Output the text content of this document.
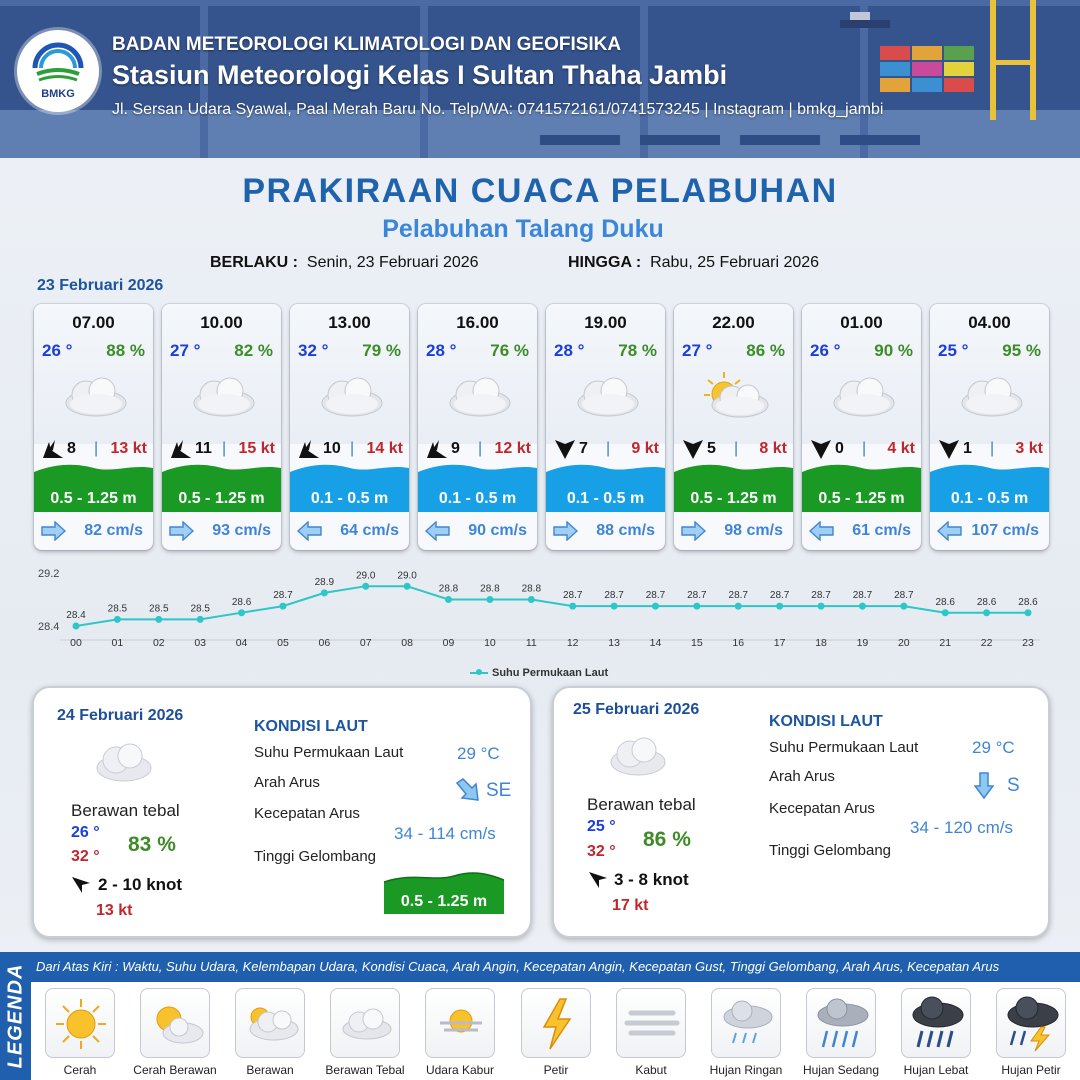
BMKG
BADAN METEOROLOGI KLIMATOLOGI DAN GEOFISIKA
Stasiun Meteorologi Kelas I Sultan Thaha Jambi
Jl. Sersan Udara Syawal, Paal Merah Baru No. Telp/WA: 0741572161/0741573245 | Instagram | bmkg_jambi
PRAKIRAAN CUACA PELABUHAN
Pelabuhan Talang Duku
BERLAKU : Senin, 23 Februari 2026	HINGGA : Rabu, 25 Februari 2026
23 Februari 2026
07.00
26 ° 88 %
8 | 13 kt
0.5 - 1.25 m
82 cm/s
10.00
27 ° 82 %
11 | 15 kt
0.5 - 1.25 m
93 cm/s
13.00
32 ° 79 %
10 | 14 kt
0.1 - 0.5 m
64 cm/s
16.00
28 ° 76 %
9 | 12 kt
0.1 - 0.5 m
90 cm/s
19.00
28 ° 78 %
7 | 9 kt
0.1 - 0.5 m
88 cm/s
22.00
27 ° 86 %
5 | 8 kt
0.5 - 1.25 m
98 cm/s
01.00
26 ° 90 %
0 | 4 kt
0.5 - 1.25 m
61 cm/s
04.00
25 ° 95 %
1 | 3 kt
0.1 - 0.5 m
107 cm/s
29.2
28.4
28.4
00
28.5
01
28.5
02
28.5
03
28.6
04
28.7
05
28.9
06
29.0
07
29.0
08
28.8
09
28.8
10
28.8
11
28.7
12
28.7
13
28.7
14
28.7
15
28.7
16
28.7
17
28.7
18
28.7
19
28.7
20
28.6
21
28.6
22
28.6
23
Suhu Permukaan Laut
24 Februari 2026
Berawan tebal
26 °
32 °
83 %
2 - 10 knot
13 kt
KONDISI LAUT
Suhu Permukaan Laut	29 °C
Arah Arus	SE
Kecepatan Arus
34 - 114 cm/s
Tinggi Gelombang
0.5 - 1.25 m
25 Februari 2026
Berawan tebal
25 °
32 °
86 %
3 - 8 knot
17 kt
KONDISI LAUT
Suhu Permukaan Laut	29 °C
Arah Arus	S
Kecepatan Arus
34 - 120 cm/s
Tinggi Gelombang
LEGENDA Dari Atas Kiri : Waktu, Suhu Udara, Kelembapan Udara, Kondisi Cuaca, Arah Angin, Kecepatan Angin, Kecepatan Gust, Tinggi Gelombang, Arah Arus, Kecepatan Arus
Cerah	Cerah Berawan	Berawan	Berawan Tebal	Udara Kabur	Petir	Kabut	Hujan Ringan	Hujan Sedang	Hujan Lebat	Hujan Petir
